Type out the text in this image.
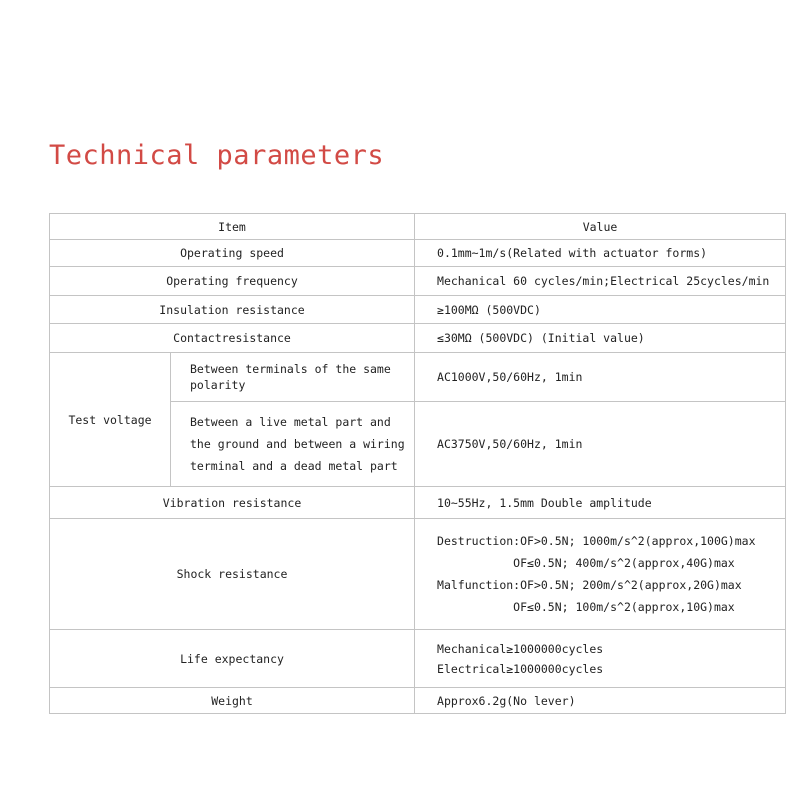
Technical parameters
Item		Value
Operating speed		0.1mm~1m/s(Related with actuator forms)
Operating frequency		Mechanical 60 cycles/min;Electrical 25cycles/min
Insulation resistance		≥100MΩ (500VDC)
Contactresistance		≤30MΩ (500VDC) (Initial value)
Test voltage	Between terminals of the same polarity	AC1000V,50/60Hz, 1min
	Between a live metal part and the ground and between a wiring terminal and a dead metal part	AC3750V,50/60Hz, 1min
Vibration resistance		10~55Hz, 1.5mm Double amplitude
Shock resistance		Destruction:OF>0.5N; 1000m/s^2(approx,100G)max
OF≤0.5N; 400m/s^2(approx,40G)max
Malfunction:OF>0.5N; 200m/s^2(approx,20G)max
OF≤0.5N; 100m/s^2(approx,10G)max

Life expectancy		Mechanical≥1000000cycles
Electrical≥1000000cycles

Weight		Approx6.2g(No lever)
